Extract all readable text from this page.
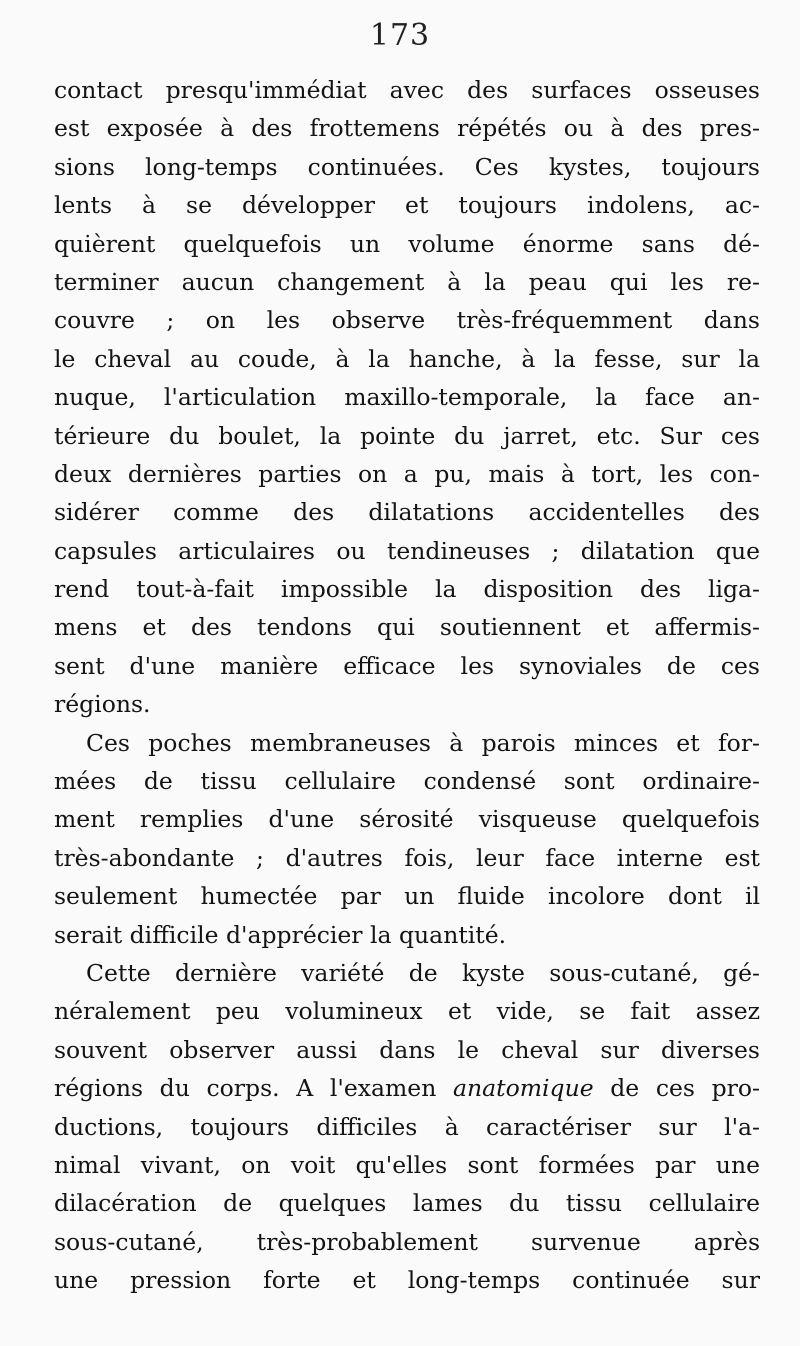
173
contact presqu'immédiat avec des surfaces osseuses
est exposée à des frottemens répétés ou à des pres-
sions long-temps continuées. Ces kystes, toujours
lents à se développer et toujours indolens, ac-
quièrent quelquefois un volume énorme sans dé-
terminer aucun changement à la peau qui les re-
couvre ; on les observe très-fréquemment dans
le cheval au coude, à la hanche, à la fesse, sur la
nuque, l'articulation maxillo-temporale, la face an-
térieure du boulet, la pointe du jarret, etc. Sur ces
deux dernières parties on a pu, mais à tort, les con-
sidérer comme des dilatations accidentelles des
capsules articulaires ou tendineuses ; dilatation que
rend tout-à-fait impossible la disposition des liga-
mens et des tendons qui soutiennent et affermis-
sent d'une manière efficace les synoviales de ces
régions.
Ces poches membraneuses à parois minces et for-
mées de tissu cellulaire condensé sont ordinaire-
ment remplies d'une sérosité visqueuse quelquefois
très-abondante ; d'autres fois, leur face interne est
seulement humectée par un fluide incolore dont il
serait difficile d'apprécier la quantité.
Cette dernière variété de kyste sous-cutané, gé-
néralement peu volumineux et vide, se fait assez
souvent observer aussi dans le cheval sur diverses
régions du corps. A l'examen anatomique de ces pro-
ductions, toujours difficiles à caractériser sur l'a-
nimal vivant, on voit qu'elles sont formées par une
dilacération de quelques lames du tissu cellulaire
sous-cutané, très-probablement survenue après
une pression forte et long-temps continuée sur
